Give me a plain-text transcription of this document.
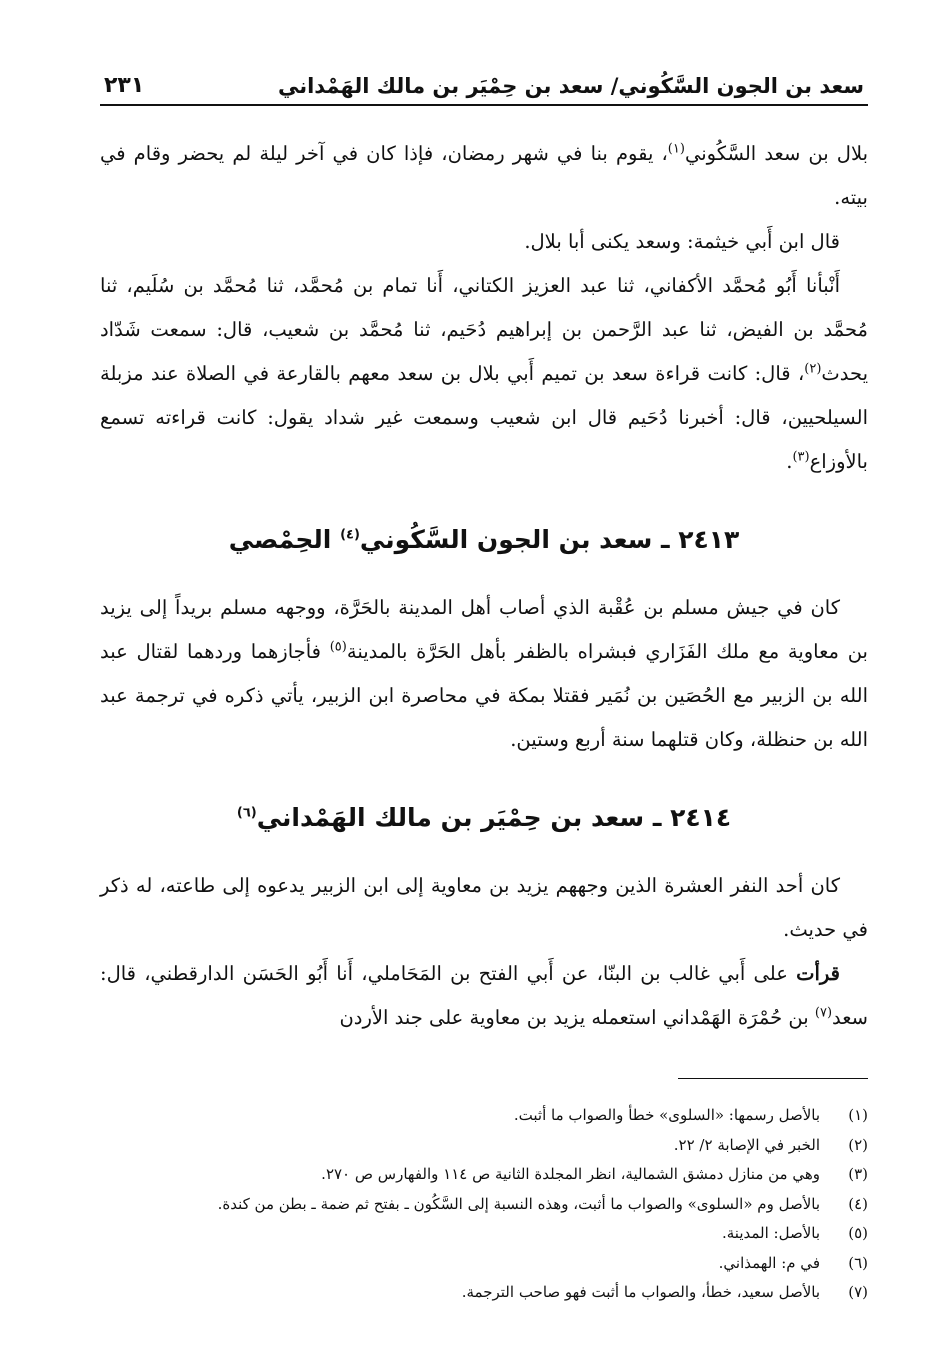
سعد بن الجون السَّكُوني/ سعد بن حِمْيَر بن مالك الهَمْداني
٢٣١

بلال بن سعد السَّكُوني$^{(١)}$، يقوم بنا في شهر رمضان، فإذا كان في آخر ليلة لم يحضر وقام في بيته.

قال ابن أَبي خيثمة: وسعد يكنى أبا بلال.

أَنْبأنا أَبُو مُحمَّد الأكفاني، ثنا عبد العزيز الكتاني، أَنا تمام بن مُحمَّد، ثنا مُحمَّد بن سُلَيم، ثنا مُحمَّد بن الفيض، ثنا عبد الرَّحمن بن إبراهيم دُحَيم، ثنا مُحمَّد بن شعيب، قال: سمعت شَدّاد يحدث$^{(٢)}$، قال: كانت قراءة سعد بن تميم أَبي بلال بن سعد معهم بالقارعة في الصلاة عند مزبلة السيلحيين، قال: أخبرنا دُحَيم قال ابن شعيب وسمعت غير شداد يقول: كانت قراءته تسمع بالأوزاع$^{(٣)}$.

٢٤١٣ ـ سعد بن الجون السَّكُوني$^{(٤)}$ الحِمْصي

كان في جيش مسلم بن عُقْبة الذي أصاب أهل المدينة بالحَرَّة، ووجهه مسلم بريداً إلى يزيد بن معاوية مع ملك الفَزَاري فبشراه بالظفر بأهل الحَرَّة بالمدينة$^{(٥)}$ فأجازهما وردهما لقتال عبد الله بن الزبير مع الحُصَين بن نُمَير فقتلا بمكة في محاصرة ابن الزبير، يأتي ذكره في ترجمة عبد الله بن حنظلة، وكان قتلهما سنة أربع وستين.

٢٤١٤ ـ سعد بن حِمْيَر بن مالك الهَمْداني$^{(٦)}$

كان أحد النفر العشرة الذين وجههم يزيد بن معاوية إلى ابن الزبير يدعوه إلى طاعته، له ذكر في حديث.

قرأت على أَبي غالب بن البنّا، عن أَبي الفتح بن المَحَاملي، أَنا أَبُو الحَسَن الدارقطني، قال: سعد$^{(٧)}$ بن حُمْرَة الهَمْداني استعمله يزيد بن معاوية على جند الأردن

(١)
بالأصل رسمها: «السلوى» خطأ والصواب ما أثبت.
(٢)
الخبر في الإصابة ٢/ ٢٢.
(٣)
وهي من منازل دمشق الشمالية، انظر المجلدة الثانية ص ١١٤ والفهارس ص ٢٧٠.
(٤)
بالأصل وم «السلوى» والصواب ما أثبت، وهذه النسبة إلى السَّكُون ـ بفتح ثم ضمة ـ بطن من كندة.
(٥)
بالأصل: المدينة.
(٦)
في م: الهمذاني.
(٧)
بالأصل سعيد، خطأ، والصواب ما أثبت فهو صاحب الترجمة.
